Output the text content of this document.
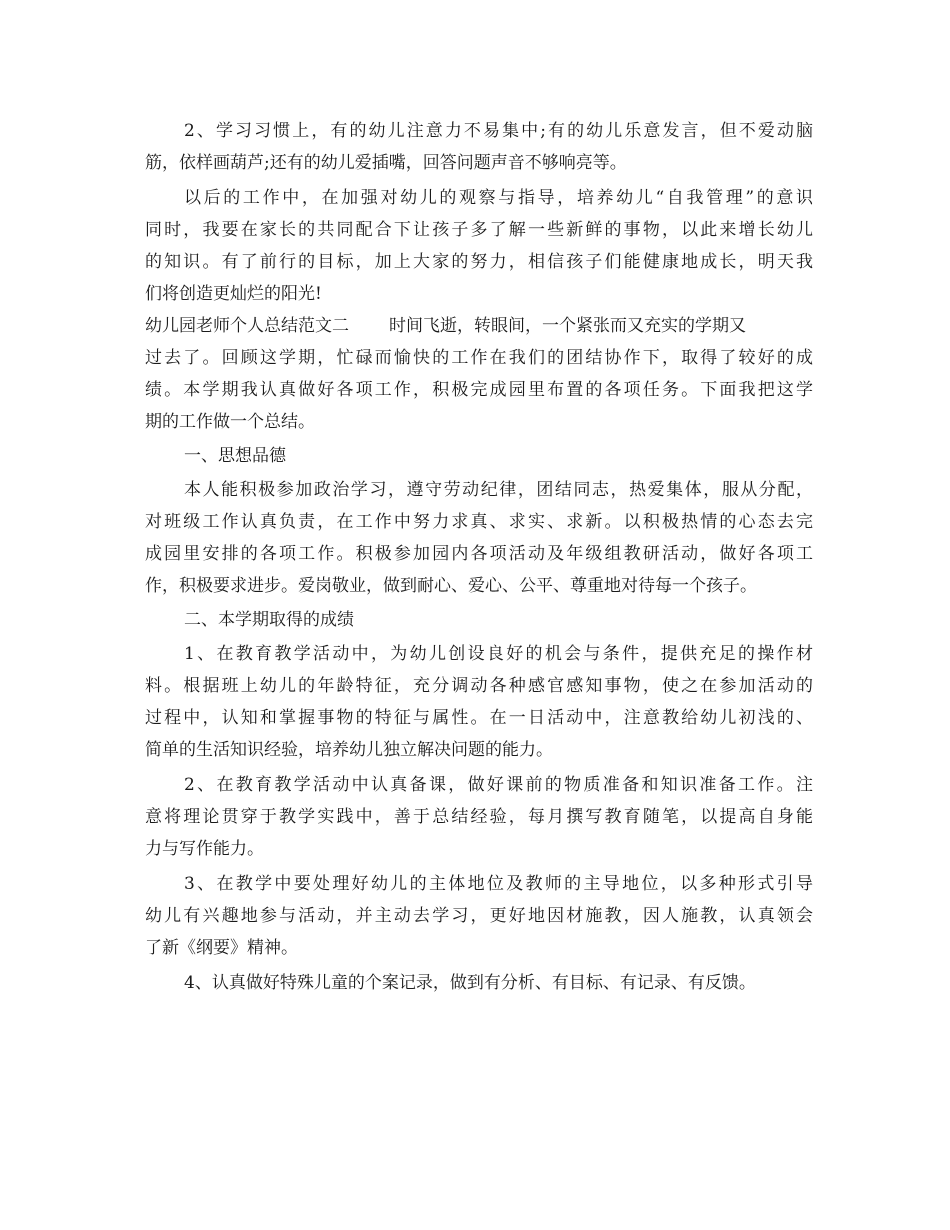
2、学习习惯上，有的幼儿注意力不易集中;有的幼儿乐意发言，但不爱动脑
筋，依样画葫芦;还有的幼儿爱插嘴，回答问题声音不够响亮等。
以后的工作中，在加强对幼儿的观察与指导，培养幼儿“自我管理”的意识
同时，我要在家长的共同配合下让孩子多了解一些新鲜的事物，以此来增长幼儿
的知识。有了前行的目标，加上大家的努力，相信孩子们能健康地成长，明天我
们将创造更灿烂的阳光!
幼儿园老师个人总结范文二 时间飞逝，转眼间，一个紧张而又充实的学期又
过去了。回顾这学期，忙碌而愉快的工作在我们的团结协作下，取得了较好的成
绩。本学期我认真做好各项工作，积极完成园里布置的各项任务。下面我把这学
期的工作做一个总结。
一、思想品德
本人能积极参加政治学习，遵守劳动纪律，团结同志，热爱集体，服从分配，
对班级工作认真负责，在工作中努力求真、求实、求新。以积极热情的心态去完
成园里安排的各项工作。积极参加园内各项活动及年级组教研活动，做好各项工
作，积极要求进步。爱岗敬业，做到耐心、爱心、公平、尊重地对待每一个孩子。
二、本学期取得的成绩
1、在教育教学活动中，为幼儿创设良好的机会与条件，提供充足的操作材
料。根据班上幼儿的年龄特征，充分调动各种感官感知事物，使之在参加活动的
过程中，认知和掌握事物的特征与属性。在一日活动中，注意教给幼儿初浅的、
简单的生活知识经验，培养幼儿独立解决问题的能力。
2、在教育教学活动中认真备课，做好课前的物质准备和知识准备工作。注
意将理论贯穿于教学实践中，善于总结经验，每月撰写教育随笔，以提高自身能
力与写作能力。
3、在教学中要处理好幼儿的主体地位及教师的主导地位，以多种形式引导
幼儿有兴趣地参与活动，并主动去学习，更好地因材施教，因人施教，认真领会
了新《纲要》精神。
4、认真做好特殊儿童的个案记录，做到有分析、有目标、有记录、有反馈。
